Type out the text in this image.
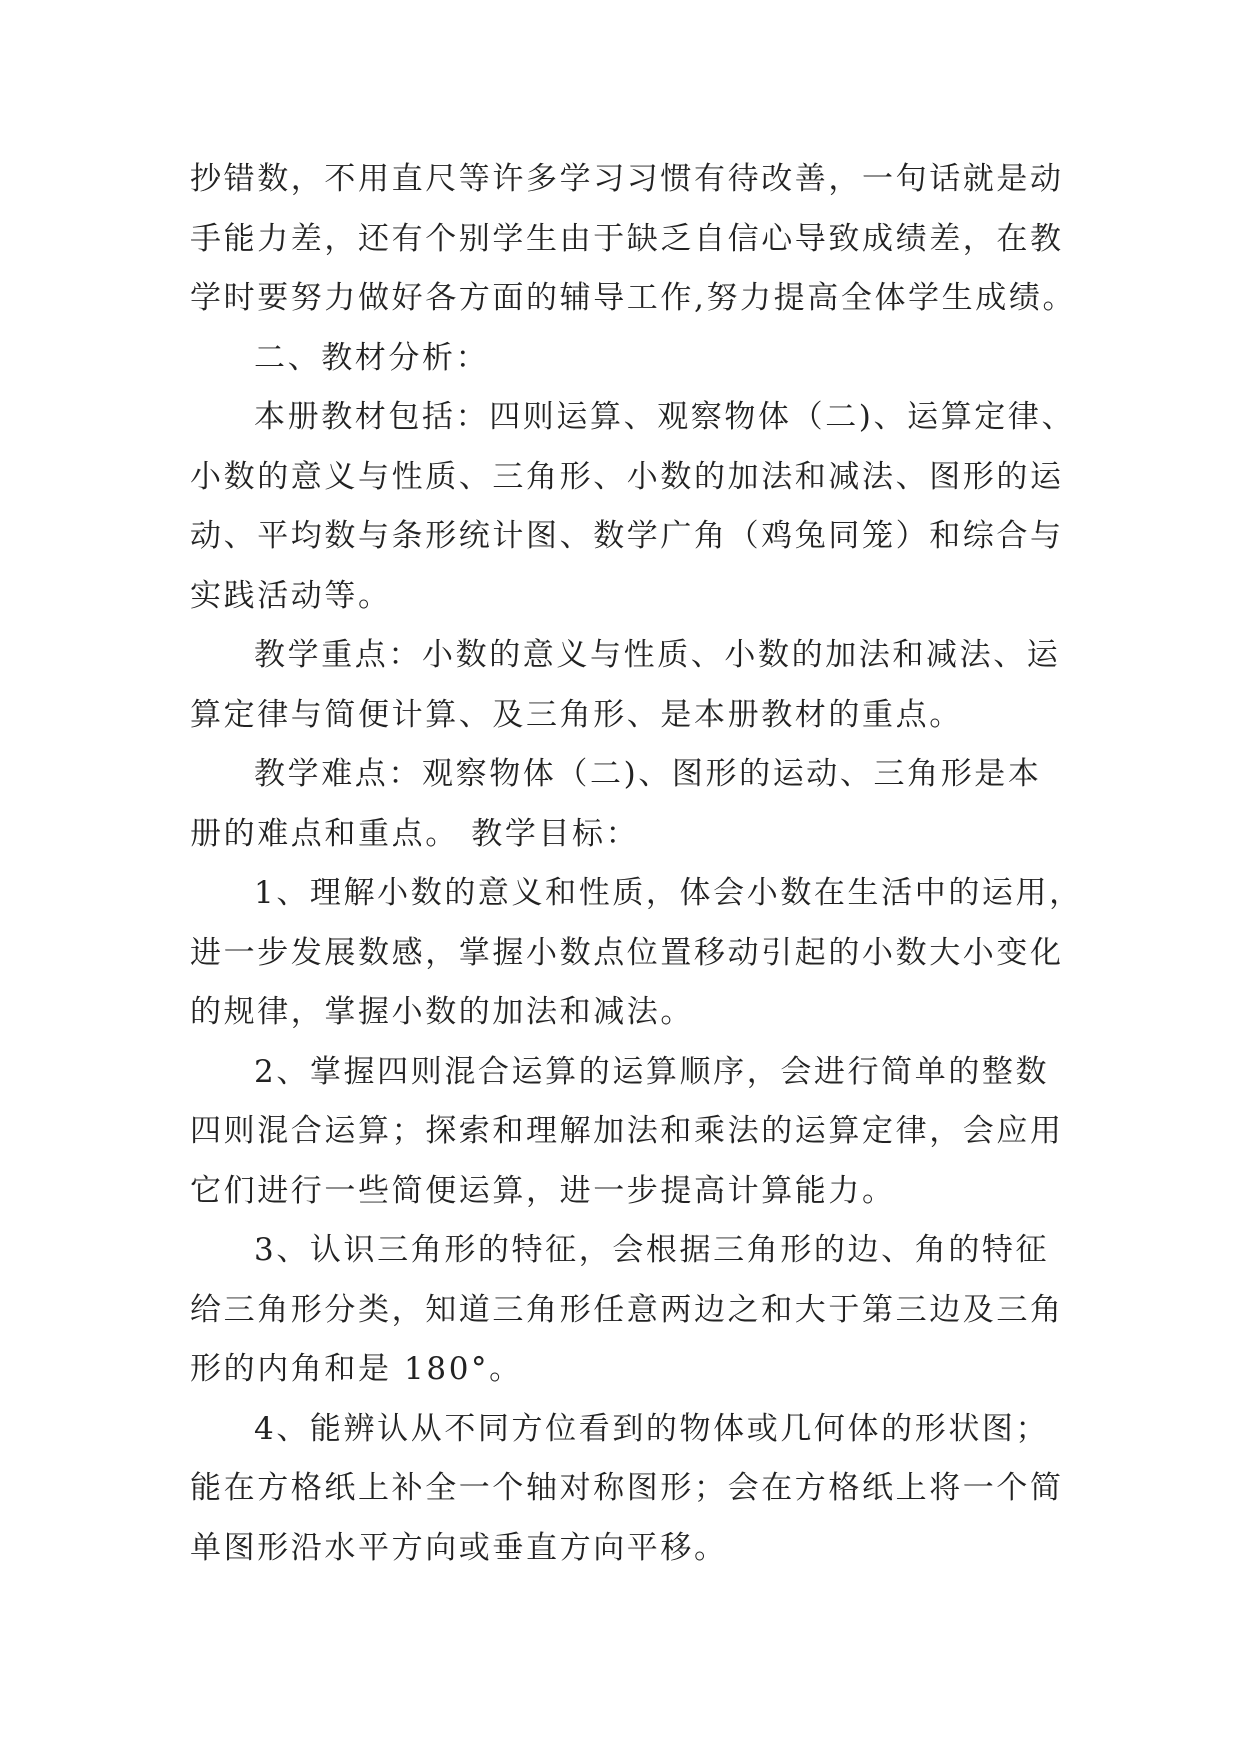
抄错数，不用直尺等许多学习习惯有待改善，一句话就是动
手能力差，还有个别学生由于缺乏自信心导致成绩差，在教
学时要努力做好各方面的辅导工作,努力提高全体学生成绩。
二、教材分析：
本册教材包括：四则运算、观察物体（二)、运算定律、
小数的意义与性质、三角形、小数的加法和减法、图形的运
动、平均数与条形统计图、数学广角（鸡兔同笼）和综合与
实践活动等。
教学重点：小数的意义与性质、小数的加法和减法、运
算定律与简便计算、及三角形、是本册教材的重点。
教学难点：观察物体（二)、图形的运动、三角形是本
册的难点和重点。 教学目标：
1、理解小数的意义和性质，体会小数在生活中的运用，
进一步发展数感，掌握小数点位置移动引起的小数大小变化
的规律，掌握小数的加法和减法。
2、掌握四则混合运算的运算顺序，会进行简单的整数
四则混合运算；探索和理解加法和乘法的运算定律，会应用
它们进行一些简便运算，进一步提高计算能力。
3、认识三角形的特征，会根据三角形的边、角的特征
给三角形分类，知道三角形任意两边之和大于第三边及三角
形的内角和是 180°。
4、能辨认从不同方位看到的物体或几何体的形状图；
能在方格纸上补全一个轴对称图形；会在方格纸上将一个简
单图形沿水平方向或垂直方向平移。
